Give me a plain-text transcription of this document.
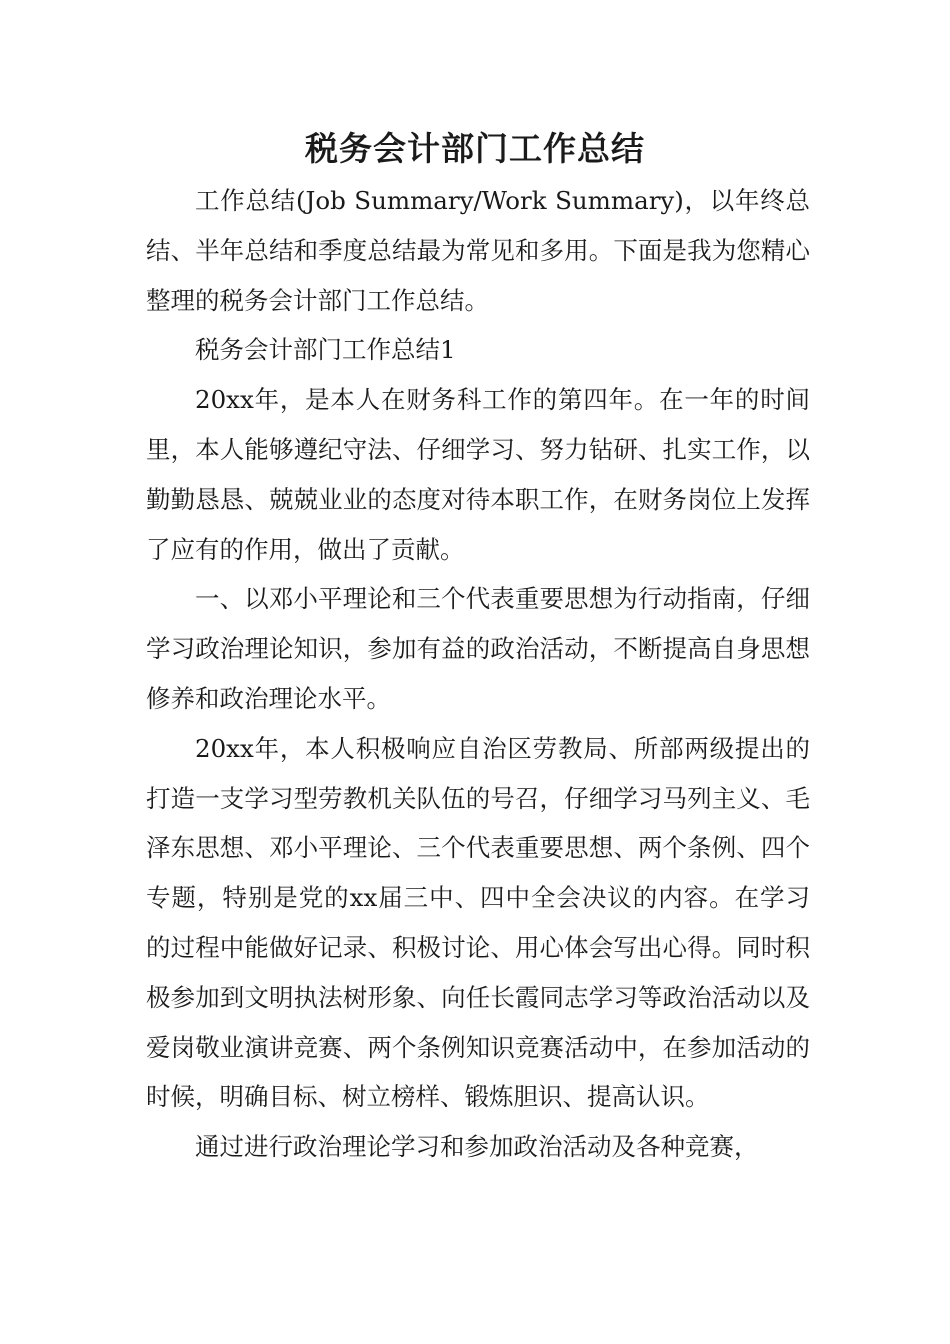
税务会计部门工作总结

工作总结(Job Summary/Work Summary)，以年终总结、半年总结和季度总结最为常见和多用。下面是我为您精心整理的税务会计部门工作总结。

税务会计部门工作总结1

20xx年，是本人在财务科工作的第四年。在一年的时间里，本人能够遵纪守法、仔细学习、努力钻研、扎实工作，以勤勤恳恳、兢兢业业的态度对待本职工作，在财务岗位上发挥了应有的作用，做出了贡献。

一、以邓小平理论和三个代表重要思想为行动指南，仔细学习政治理论知识，参加有益的政治活动，不断提高自身思想修养和政治理论水平。

20xx年，本人积极响应自治区劳教局、所部两级提出的打造一支学习型劳教机关队伍的号召，仔细学习马列主义、毛泽东思想、邓小平理论、三个代表重要思想、两个条例、四个专题，特别是党的xx届三中、四中全会决议的内容。在学习的过程中能做好记录、积极讨论、用心体会写出心得。同时积极参加到文明执法树形象、向任长霞同志学习等政治活动以及爱岗敬业演讲竞赛、两个条例知识竞赛活动中，在参加活动的时候，明确目标、树立榜样、锻炼胆识、提高认识。

通过进行政治理论学习和参加政治活动及各种竞赛，
